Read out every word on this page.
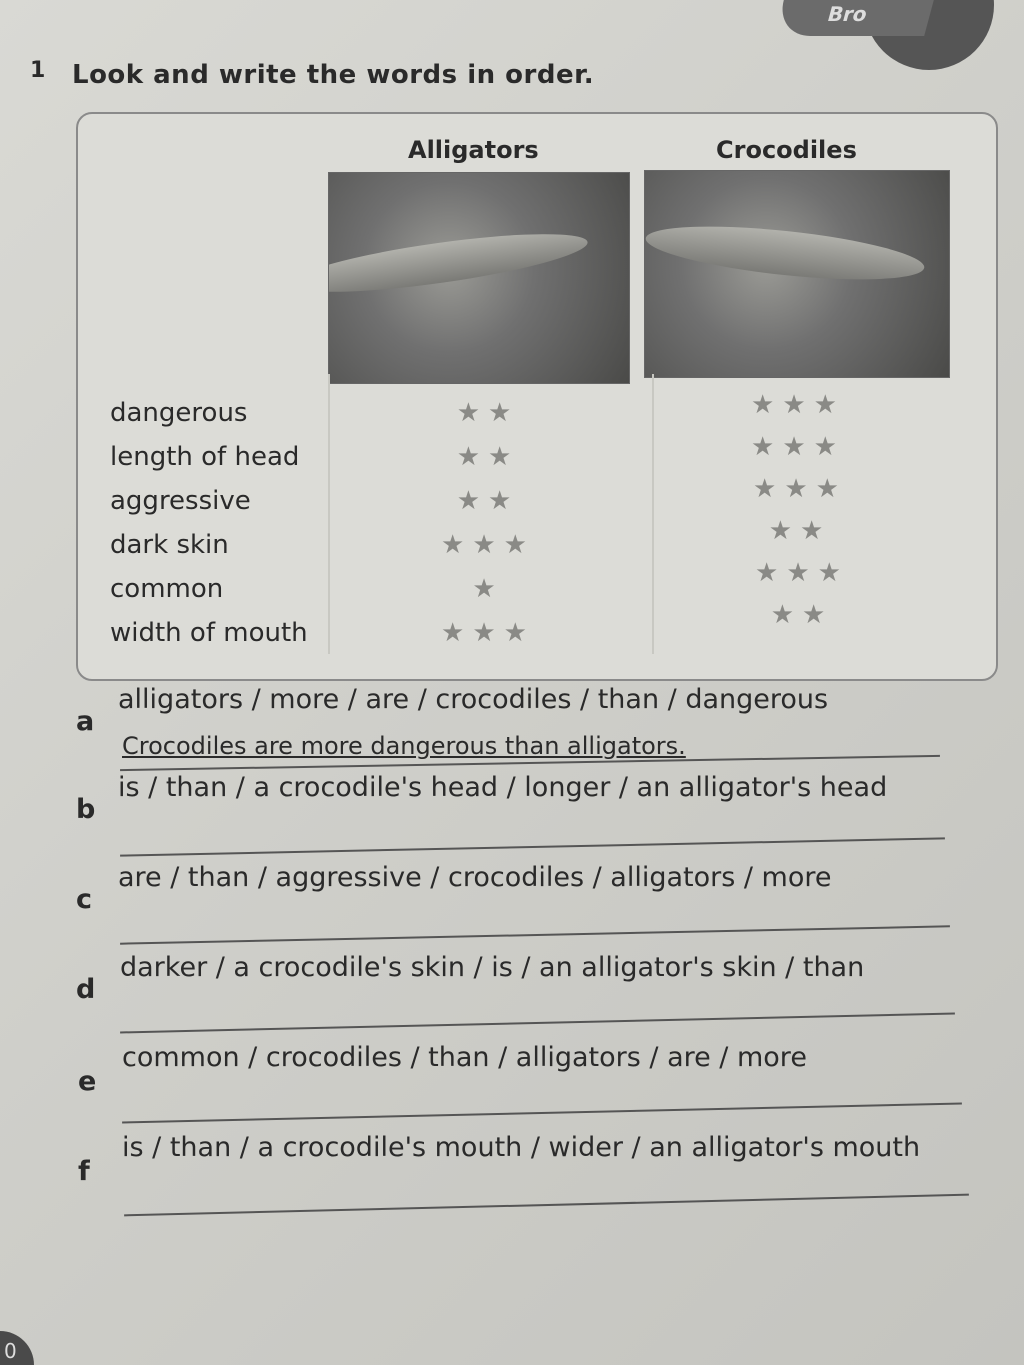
Bro
1 Look and write the words in order.
Alligators	Crocodiles
dangerous
length of head
aggressive
dark skin
common
width of mouth
★★
★★
★★
★★★
★
★★★
★★★
★★★
★★★
★★
★★★
★★
a
alligators / more / are / crocodiles / than / dangerous
Crocodiles are more dangerous than alligators.
b
is / than / a crocodile's head / longer / an alligator's head
c
are / than / aggressive / crocodiles / alligators / more
d
darker / a crocodile's skin / is / an alligator's skin / than
e
common / crocodiles / than / alligators / are / more
f
is / than / a crocodile's mouth / wider / an alligator's mouth
0
